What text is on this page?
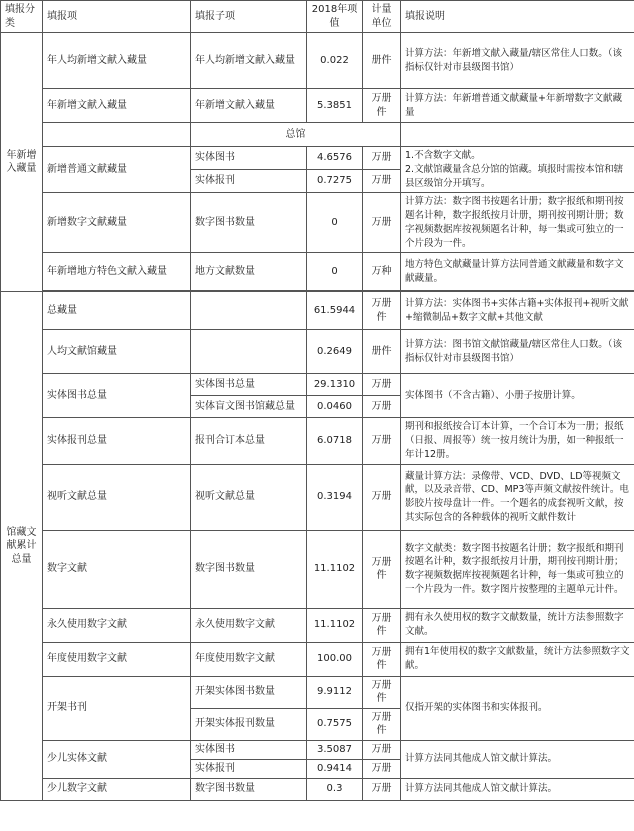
填报分类	填报项	填报子项	2018年项值	计量单位	填报说明
年新增入藏量	年人均新增文献入藏量	年人均新增文献入藏量	0.022	册件	计算方法：年新增文献入藏量/辖区常住人口数。（该指标仅针对市县级图书馆）
	年新增文献入藏量	年新增文献入藏量	5.3851	万册件	计算方法：年新增普通文献藏量+年新增数字文献藏量
		总馆			
	新增普通文献藏量	实体图书	4.6576	万册	1.不含数字文献。
2.文献馆藏量含总分馆的馆藏。填报时需按本馆和辖县区级馆分开填写。
		实体报刊	0.7275	万册	
	新增数字文献藏量	数字图书数量	0	万册	计算方法：数字图书按题名计册；数字报纸和期刊按题名计种，数字报纸按月计册，期刊按刊期计册；数字视频数据库按视频题名计种，每一集或可独立的一个片段为一件。
	年新增地方特色文献入藏量	地方文献数量	0	万种	地方特色文献藏量计算方法同普通文献藏量和数字文献藏量。

馆藏文献累计总量	总藏量		61.5944	万册件	计算方法：实体图书+实体古籍+实体报刊+视听文献+缩微制品+数字文献+其他文献
	人均文献馆藏量		0.2649	册件	计算方法：图书馆文献馆藏量/辖区常住人口数。（该指标仅针对市县级图书馆）
	实体图书总量	实体图书总量	29.1310	万册	实体图书（不含古籍）、小册子按册计算。
		实体盲文图书馆藏总量	0.0460	万册	
	实体报刊总量	报刊合订本总量	6.0718	万册	期刊和报纸按合订本计算，一个合订本为一册；报纸（日报、周报等）统一按月统计为册，如一种报纸一年计12册。
	视听文献总量	视听文献总量	0.3194	万册	藏量计算方法：录像带、VCD、DVD、LD等视频文献，以及录音带、CD、MP3等声频文献按件统计。电影胶片按母盘计一件。一个题名的成套视听文献，按其实际包含的各种载体的视听文献件数计
	数字文献	数字图书数量	11.1102	万册件	数字文献类：数字图书按题名计册；数字报纸和期刊按题名计种，数字报纸按月计册，期刊按刊期计册；数字视频数据库按视频题名计种，每一集或可独立的一个片段为一件。数字图片按整理的主题单元计件。
	永久使用数字文献	永久使用数字文献	11.1102	万册件	拥有永久使用权的数字文献数量，统计方法参照数字文献。
	年度使用数字文献	年度使用数字文献	100.00	万册件	拥有1年使用权的数字文献数量，统计方法参照数字文献。
	开架书刊	开架实体图书数量	9.9112	万册件	仅指开架的实体图书和实体报刊。
		开架实体报刊数量	0.7575	万册件	
	少儿实体文献	实体图书	3.5087	万册	计算方法同其他成人馆文献计算法。
		实体报刊	0.9414	万册	
	少儿数字文献	数字图书数量	0.3	万册	计算方法同其他成人馆文献计算法。
